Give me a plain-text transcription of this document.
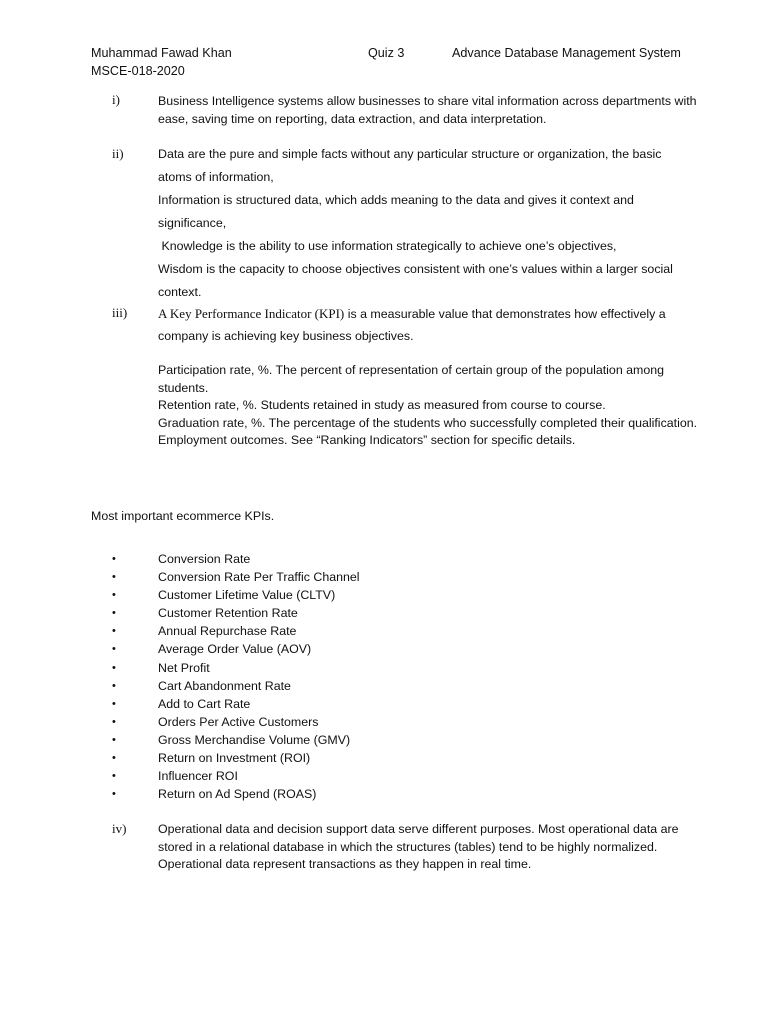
Muhammad Fawad Khan	Quiz 3	Advance Database Management System
MSCE-018-2020
i)	Business Intelligence systems allow businesses to share vital information across departments with ease, saving time on reporting, data extraction, and data interpretation.

ii)	Data are the pure and simple facts without any particular structure or organization, the basic atoms of information,

Information is structured data, which adds meaning to the data and gives it context and significance,

Knowledge is the ability to use information strategically to achieve one’s objectives,

Wisdom is the capacity to choose objectives consistent with one’s values within a larger social context.

iii) A Key Performance Indicator (KPI) is a measurable value that demonstrates how effectively a company is achieving key business objectives.

Participation rate, %. The percent of representation of certain group of the population among students.

Retention rate, %. Students retained in study as measured from course to course.

Graduation rate, %. The percentage of the students who successfully completed their qualification.

Employment outcomes. See “Ranking Indicators” section for specific details.

Most important ecommerce KPIs.
•	Conversion Rate
•	Conversion Rate Per Traffic Channel
•	Customer Lifetime Value (CLTV)
•	Customer Retention Rate
•	Annual Repurchase Rate
•	Average Order Value (AOV)
•	Net Profit
•	Cart Abandonment Rate
•	Add to Cart Rate
•	Orders Per Active Customers
•	Gross Merchandise Volume (GMV)
•	Return on Investment (ROI)
•	Influencer ROI
•	Return on Ad Spend (ROAS)
iv)	Operational data and decision support data serve different purposes. Most operational data are stored in a relational database in which the structures (tables) tend to be highly normalized.

Operational data represent transactions as they happen in real time.
